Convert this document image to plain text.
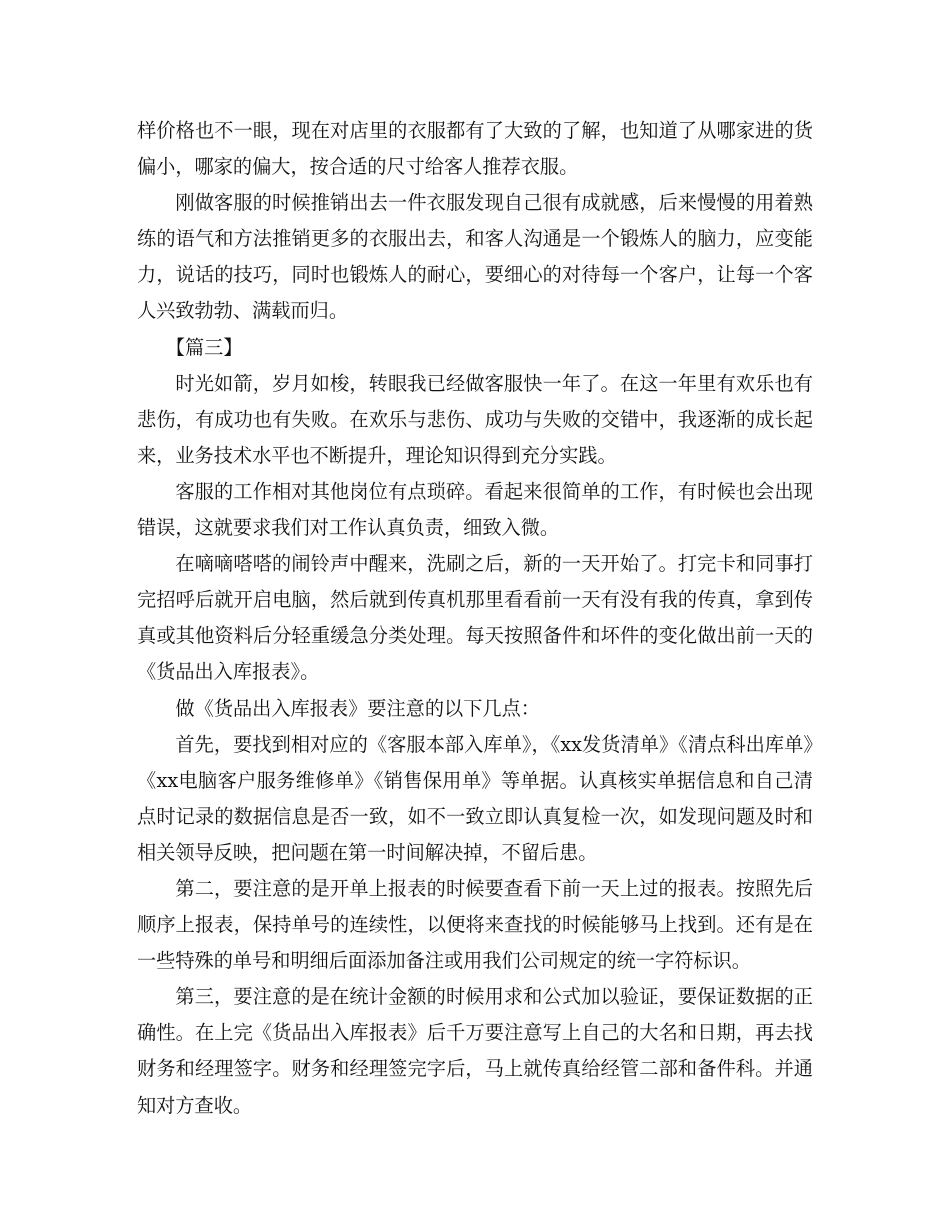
样价格也不一眼，现在对店里的衣服都有了大致的了解，也知道了从哪家进的货偏小，哪家的偏大，按合适的尺寸给客人推荐衣服。

刚做客服的时候推销出去一件衣服发现自己很有成就感，后来慢慢的用着熟练的语气和方法推销更多的衣服出去，和客人沟通是一个锻炼人的脑力，应变能力，说话的技巧，同时也锻炼人的耐心，要细心的对待每一个客户，让每一个客人兴致勃勃、满载而归。

【篇三】

时光如箭，岁月如梭，转眼我已经做客服快一年了。在这一年里有欢乐也有悲伤，有成功也有失败。在欢乐与悲伤、成功与失败的交错中，我逐渐的成长起来，业务技术水平也不断提升，理论知识得到充分实践。

客服的工作相对其他岗位有点琐碎。看起来很简单的工作，有时候也会出现错误，这就要求我们对工作认真负责，细致入微。

在嘀嘀嗒嗒的闹铃声中醒来，洗刷之后，新的一天开始了。打完卡和同事打完招呼后就开启电脑，然后就到传真机那里看看前一天有没有我的传真，拿到传真或其他资料后分轻重缓急分类处理。每天按照备件和坏件的变化做出前一天的《货品出入库报表》。

做《货品出入库报表》要注意的以下几点：

首先，要找到相对应的《客服本部入库单》，《xx发货清单》《清点科出库单》《xx电脑客户服务维修单》《销售保用单》等单据。认真核实单据信息和自己清点时记录的数据信息是否一致，如不一致立即认真复检一次，如发现问题及时和相关领导反映，把问题在第一时间解决掉，不留后患。

第二，要注意的是开单上报表的时候要查看下前一天上过的报表。按照先后顺序上报表，保持单号的连续性，以便将来查找的时候能够马上找到。还有是在一些特殊的单号和明细后面添加备注或用我们公司规定的统一字符标识。

第三，要注意的是在统计金额的时候用求和公式加以验证，要保证数据的正确性。在上完《货品出入库报表》后千万要注意写上自己的大名和日期，再去找财务和经理签字。财务和经理签完字后，马上就传真给经管二部和备件科。并通知对方查收。
